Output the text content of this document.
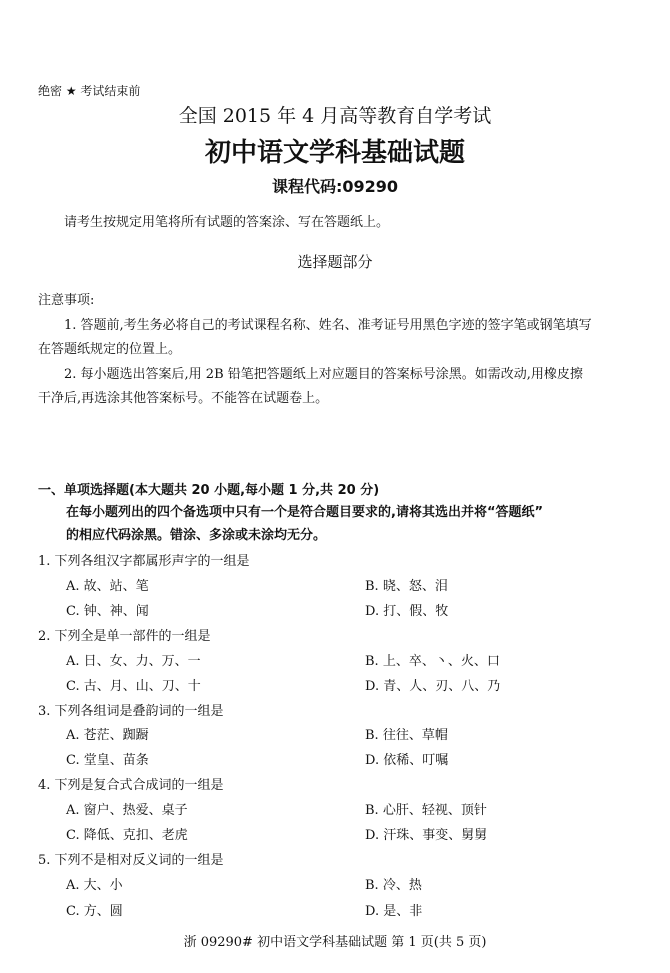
绝密 ★ 考试结束前
全国 2015 年 4 月高等教育自学考试
初中语文学科基础试题
课程代码:09290
请考生按规定用笔将所有试题的答案涂、写在答题纸上。
选择题部分
注意事项:
1. 答题前,考生务必将自己的考试课程名称、姓名、准考证号用黑色字迹的签字笔或钢笔填写
在答题纸规定的位置上。
2. 每小题选出答案后,用 2B 铅笔把答题纸上对应题目的答案标号涂黑。如需改动,用橡皮擦
干净后,再选涂其他答案标号。不能答在试题卷上。
一、单项选择题(本大题共 20 小题,每小题 1 分,共 20 分)
在每小题列出的四个备选项中只有一个是符合题目要求的,请将其选出并将“答题纸”
的相应代码涂黑。错涂、多涂或未涂均无分。
1. 下列各组汉字都属形声字的一组是
A. 故、站、笔	B. 晓、怒、泪
C. 钟、神、闻	D. 打、假、牧
2. 下列全是单一部件的一组是
A. 日、女、力、万、一	B. 上、卒、丶、火、口
C. 古、月、山、刀、十	D. 青、人、刃、八、乃
3. 下列各组词是叠韵词的一组是
A. 苍茫、踟蹰	B. 往往、草帽
C. 堂皇、苗条	D. 依稀、叮嘱
4. 下列是复合式合成词的一组是
A. 窗户、热爱、桌子	B. 心肝、轻视、顶针
C. 降低、克扣、老虎	D. 汗珠、事变、舅舅
5. 下列不是相对反义词的一组是
A. 大、小	B. 冷、热
C. 方、圆	D. 是、非
浙 09290# 初中语文学科基础试题 第 1 页(共 5 页)
